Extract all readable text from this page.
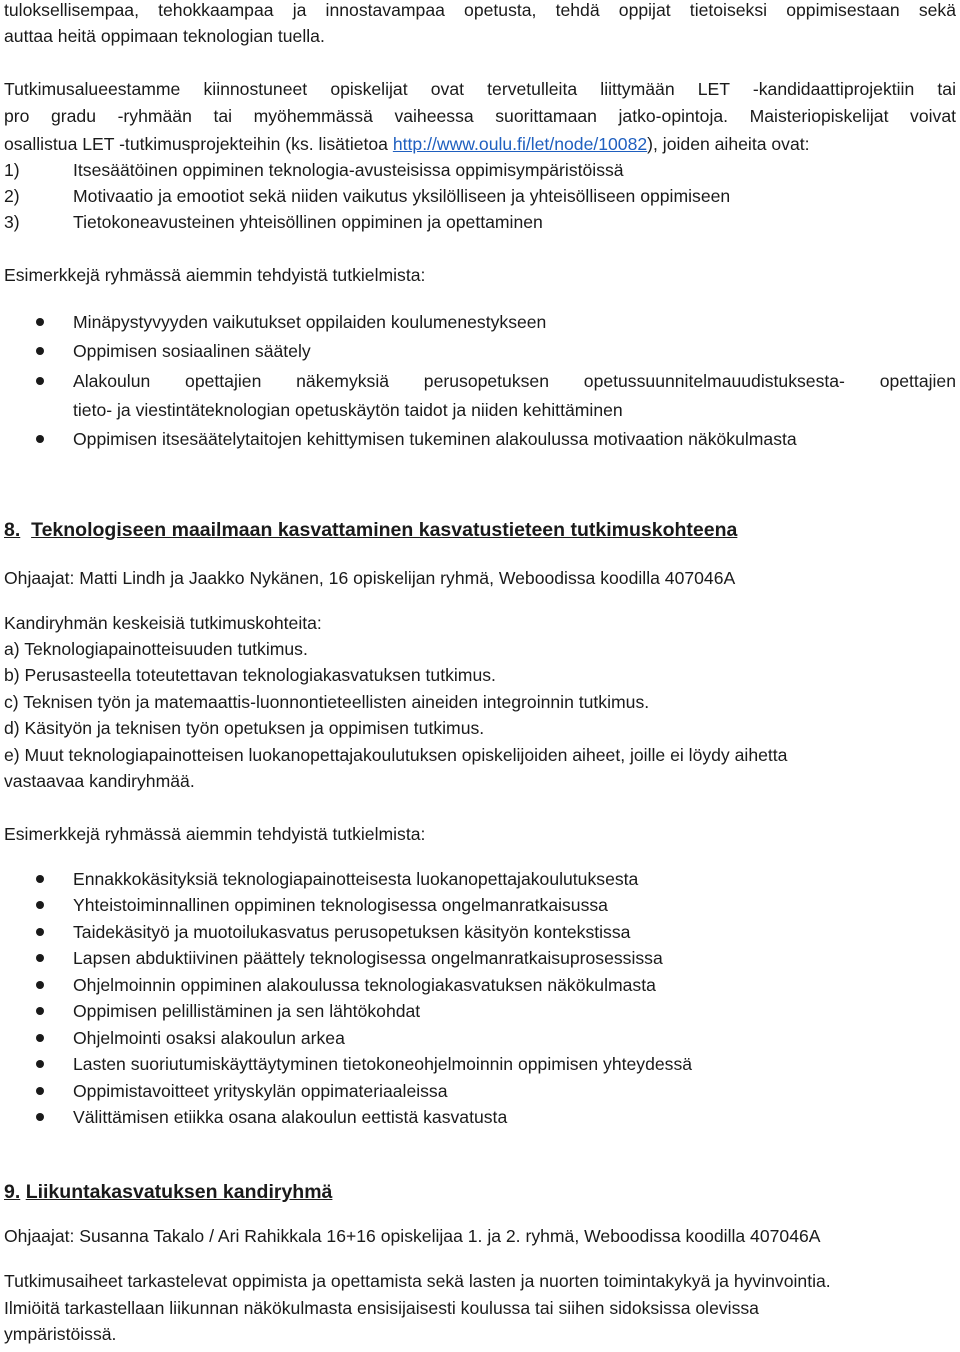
tuloksellisempaa, tehokkaampaa ja innostavampaa opetusta, tehdä oppijat tietoiseksi oppimisestaan sekä
auttaa heitä oppimaan teknologian tuella.
Tutkimusalueestamme kiinnostuneet opiskelijat ovat tervetulleita liittymään LET -kandidaattiprojektiin tai
pro gradu -ryhmään tai myöhemmässä vaiheessa suorittamaan jatko-opintoja. Maisteriopiskelijat voivat
osallistua LET -tutkimusprojekteihin (ks. lisätietoa http://www.oulu.fi/let/node/10082), joiden aiheita ovat:
1)	Itsesäätöinen oppiminen teknologia-avusteisissa oppimisympäristöissä
2)	Motivaatio ja emootiot sekä niiden vaikutus yksilölliseen ja yhteisölliseen oppimiseen
3)	Tietokoneavusteinen yhteisöllinen oppiminen ja opettaminen
Esimerkkejä ryhmässä aiemmin tehdyistä tutkielmista:
Minäpystyvyyden vaikutukset oppilaiden koulumenestykseen
Oppimisen sosiaalinen säätely
Alakoulun opettajien näkemyksiä perusopetuksen opetussuunnitelmauudistuksesta- opettajien
tieto- ja viestintäteknologian opetuskäytön taidot ja niiden kehittäminen
Oppimisen itsesäätelytaitojen kehittymisen tukeminen alakoulussa motivaation näkökulmasta
8. Teknologiseen maailmaan kasvattaminen kasvatustieteen tutkimuskohteena
Ohjaajat: Matti Lindh ja Jaakko Nykänen, 16 opiskelijan ryhmä, Weboodissa koodilla 407046A
Kandiryhmän keskeisiä tutkimuskohteita:
a) Teknologiapainotteisuuden tutkimus.
b) Perusasteella toteutettavan teknologiakasvatuksen tutkimus.
c) Teknisen työn ja matemaattis-luonnontieteellisten aineiden integroinnin tutkimus.
d) Käsityön ja teknisen työn opetuksen ja oppimisen tutkimus.
e) Muut teknologiapainotteisen luokanopettajakoulutuksen opiskelijoiden aiheet, joille ei löydy aihetta
vastaavaa kandiryhmää.
Esimerkkejä ryhmässä aiemmin tehdyistä tutkielmista:
Ennakkokäsityksiä teknologiapainotteisesta luokanopettajakoulutuksesta
Yhteistoiminnallinen oppiminen teknologisessa ongelmanratkaisussa
Taidekäsityö ja muotoilukasvatus perusopetuksen käsityön kontekstissa
Lapsen abduktiivinen päättely teknologisessa ongelmanratkaisuprosessissa
Ohjelmoinnin oppiminen alakoulussa teknologiakasvatuksen näkökulmasta
Oppimisen pelillistäminen ja sen lähtökohdat
Ohjelmointi osaksi alakoulun arkea
Lasten suoriutumiskäyttäytyminen tietokoneohjelmoinnin oppimisen yhteydessä
Oppimistavoitteet yrityskylän oppimateriaaleissa
Välittämisen etiikka osana alakoulun eettistä kasvatusta
9. Liikuntakasvatuksen kandiryhmä
Ohjaajat: Susanna Takalo / Ari Rahikkala 16+16 opiskelijaa 1. ja 2. ryhmä, Weboodissa koodilla 407046A
Tutkimusaiheet tarkastelevat oppimista ja opettamista sekä lasten ja nuorten toimintakykyä ja hyvinvointia.
Ilmiöitä tarkastellaan liikunnan näkökulmasta ensisijaisesti koulussa tai siihen sidoksissa olevissa
ympäristöissä.
